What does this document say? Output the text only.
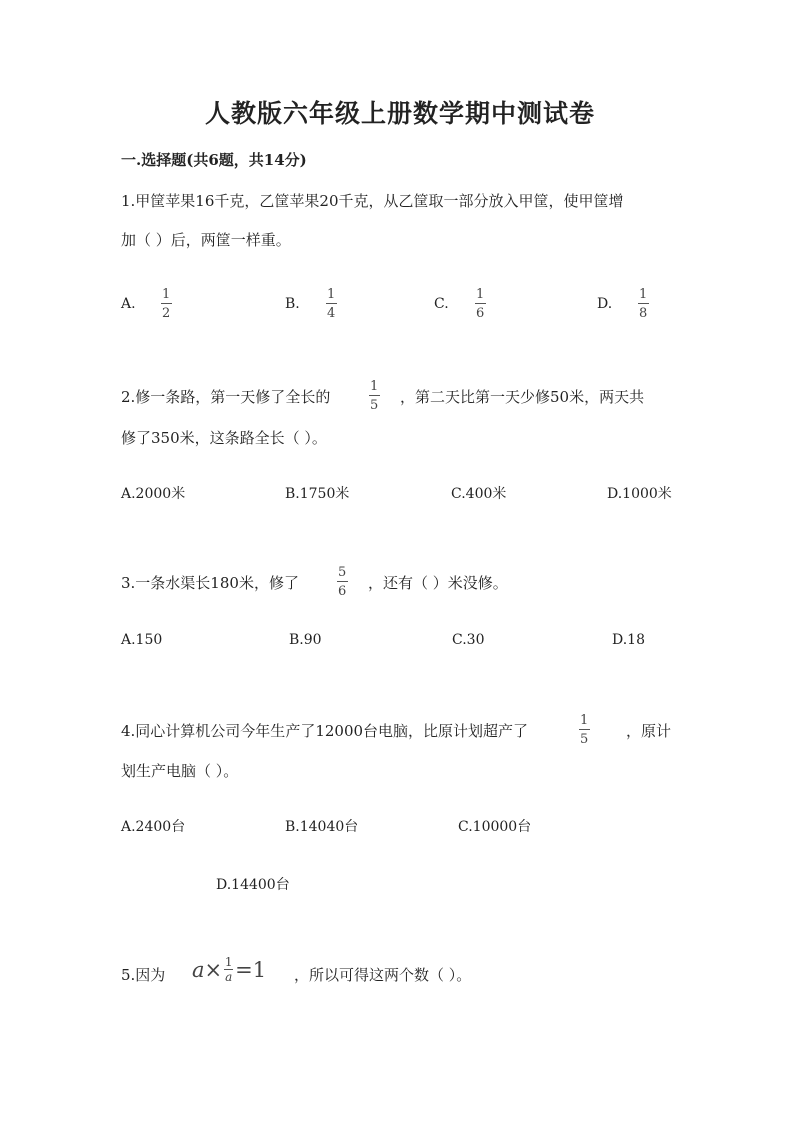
人教版六年级上册数学期中测试卷
一.选择题(共6题，共14分)
1.甲筐苹果16千克，乙筐苹果20千克，从乙筐取一部分放入甲筐，使甲筐增
加（ ）后，两筐一样重。
A.
1
2
B.
1
4
C.
1
6
D.
1
8
2.修一条路，第一天修了全长的
1
5 ，第二天比第一天少修50米，两天共
修了350米，这条路全长（ ）。
A.2000米	B.1750米	C.400米	D.1000米
3.一条水渠长180米，修了
5
6 ，还有（ ）米没修。
A.150	B.90	C.30	D.18
4.同心计算机公司今年生产了12000台电脑，比原计划超产了
1
5	，原计
划生产电脑（ ）。
A.2400台	B.14040台	C.10000台
D.14400台
5.因为 a × 1
a =1 ，所以可得这两个数（ ）。
